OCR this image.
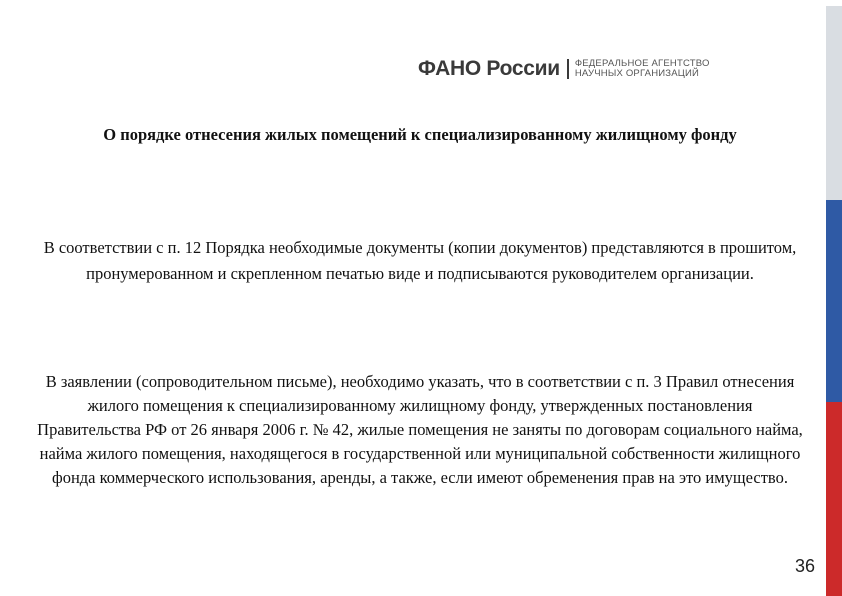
ФАНО России ФЕДЕРАЛЬНОЕ АГЕНТСТВО
НАУЧНЫХ ОРГАНИЗАЦИЙ
О порядке отнесения жилых помещений к специализированному жилищному фонду
В соответствии с п. 12 Порядка необходимые документы (копии документов) представляются в прошитом, пронумерованном и скрепленном печатью виде и подписываются руководителем организации.
В заявлении (сопроводительном письме), необходимо указать, что в соответствии с п. 3 Правил отнесения жилого помещения к специализированному жилищному фонду, утвержденных постановления Правительства РФ от 26 января 2006 г. № 42, жилые помещения не заняты по договорам социального найма, найма жилого помещения, находящегося в государственной или муниципальной собственности жилищного фонда коммерческого использования, аренды, а также, если имеют обременения прав на это имущество.
36
